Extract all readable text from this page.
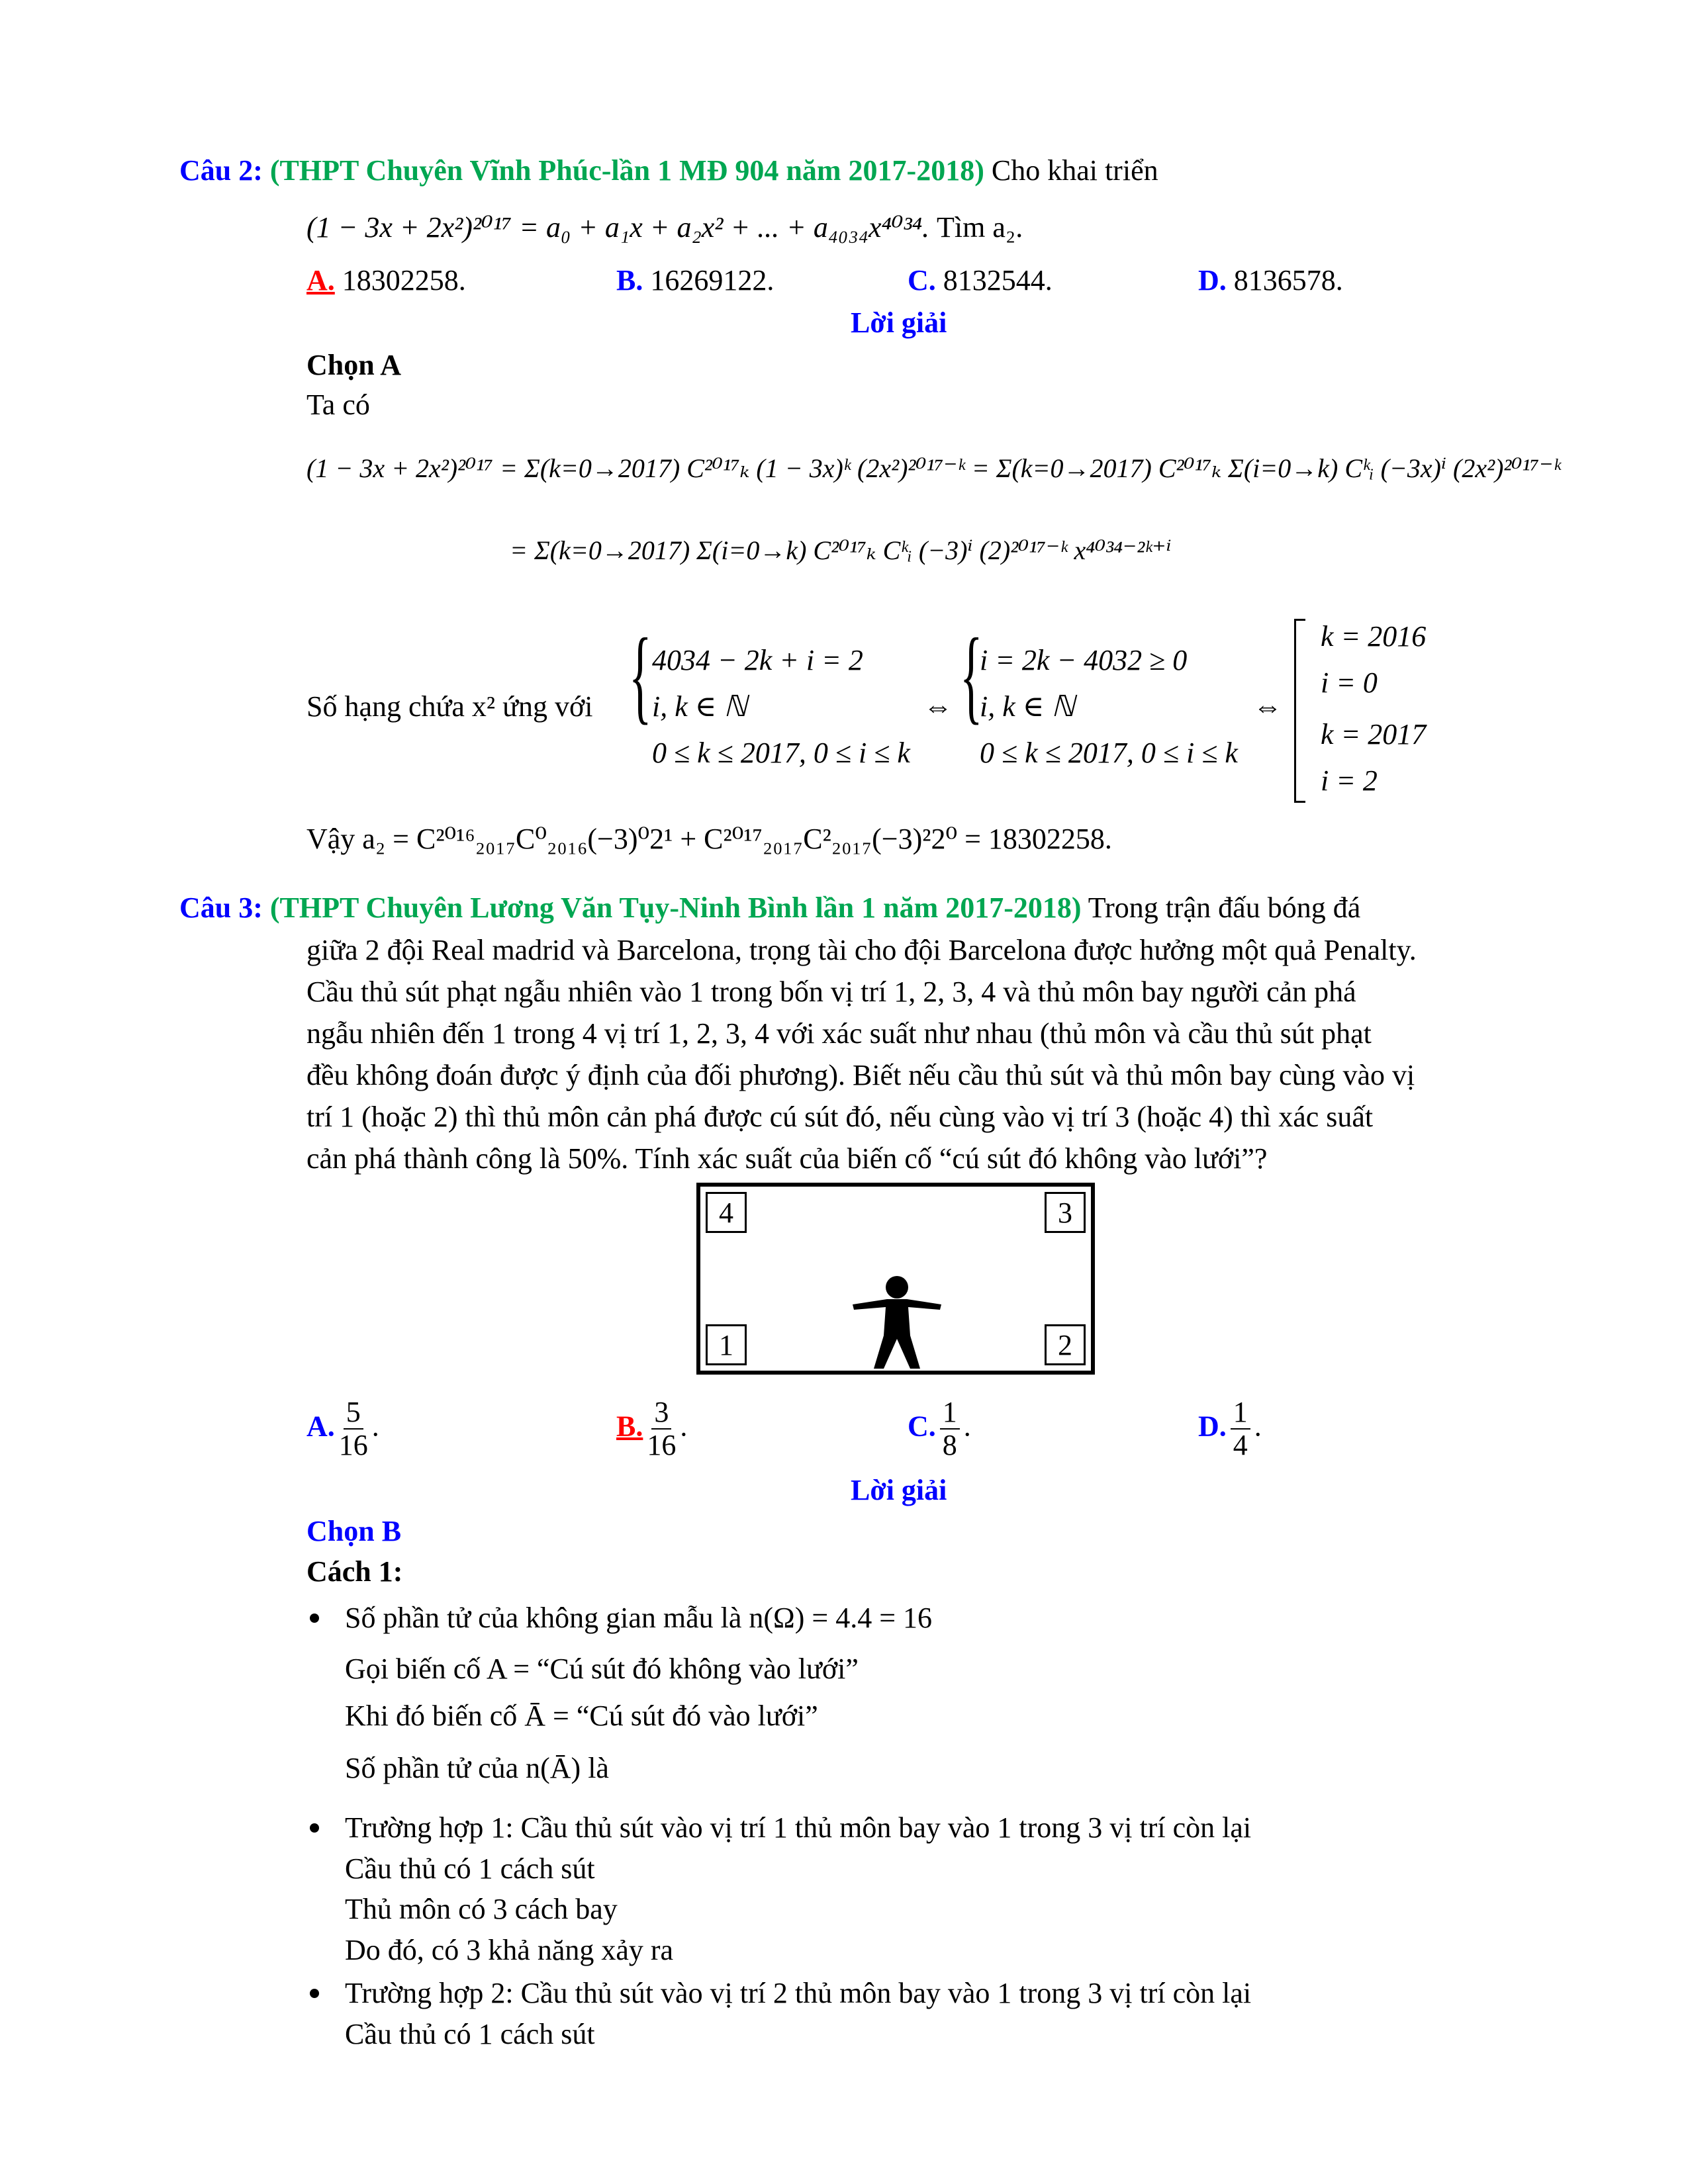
Câu 2: (THPT Chuyên Vĩnh Phúc-lần 1 MĐ 904 năm 2017-2018) Cho khai triển
(1 − 3x + 2x²)²⁰¹⁷ = a₀ + a₁x + a₂x² + ... + a₄₀₃₄x⁴⁰³⁴. Tìm a₂.
A. 18302258.	B. 16269122.	C. 8132544.	D. 8136578.
Lời giải
Chọn A
Ta có
(1 − 3x + 2x²)²⁰¹⁷ = Σ(k=0→2017) C²⁰¹⁷ₖ (1 − 3x)ᵏ (2x²)²⁰¹⁷⁻ᵏ = Σ(k=0→2017) C²⁰¹⁷ₖ Σ(i=0→k) Cᵏᵢ (−3x)ⁱ (2x²)²⁰¹⁷⁻ᵏ
= Σ(k=0→2017) Σ(i=0→k) C²⁰¹⁷ₖ Cᵏᵢ (−3)ⁱ (2)²⁰¹⁷⁻ᵏ x⁴⁰³⁴⁻²ᵏ⁺ⁱ
Số hạng chứa x² ứng với { 4034 − 2k + i = 2
i, k ∈ ℕ
0 ≤ k ≤ 2017, 0 ≤ i ≤ k
⇔ {
i = 2k − 4032 ≥ 0
i, k ∈ ℕ
0 ≤ k ≤ 2017, 0 ≤ i ≤ k
⇔
k = 2016
i = 0
k = 2017
i = 2
Vậy a₂ = C²⁰¹⁶₂₀₁₇C⁰₂₀₁₆(−3)⁰2¹ + C²⁰¹⁷₂₀₁₇C²₂₀₁₇(−3)²2⁰ = 18302258.
Câu 3: (THPT Chuyên Lương Văn Tụy-Ninh Bình lần 1 năm 2017-2018) Trong trận đấu bóng đá
giữa 2 đội Real madrid và Barcelona, trọng tài cho đội Barcelona được hưởng một quả Penalty.
Cầu thủ sút phạt ngẫu nhiên vào 1 trong bốn vị trí 1, 2, 3, 4 và thủ môn bay người cản phá
ngẫu nhiên đến 1 trong 4 vị trí 1, 2, 3, 4 với xác suất như nhau (thủ môn và cầu thủ sút phạt
đều không đoán được ý định của đối phương). Biết nếu cầu thủ sút và thủ môn bay cùng vào vị
trí 1 (hoặc 2) thì thủ môn cản phá được cú sút đó, nếu cùng vào vị trí 3 (hoặc 4) thì xác suất
cản phá thành công là 50%. Tính xác suất của biến cố “cú sút đó không vào lưới”?
4	3
1	2
A. $\frac{5}{16}$ .	B. $\frac{3}{16}$ .	C. $\frac{1}{8}$ .	D. $\frac{1}{4}$ .
Lời giải
Chọn B
Cách 1:
Số phần tử của không gian mẫu là n(Ω) = 4.4 = 16
Gọi biến cố A = “Cú sút đó không vào lưới”
Khi đó biến cố Ā = “Cú sút đó vào lưới”
Số phần tử của n(Ā) là
Trường hợp 1: Cầu thủ sút vào vị trí 1 thủ môn bay vào 1 trong 3 vị trí còn lại
Cầu thủ có 1 cách sút
Thủ môn có 3 cách bay
Do đó, có 3 khả năng xảy ra
Trường hợp 2: Cầu thủ sút vào vị trí 2 thủ môn bay vào 1 trong 3 vị trí còn lại
Cầu thủ có 1 cách sút
